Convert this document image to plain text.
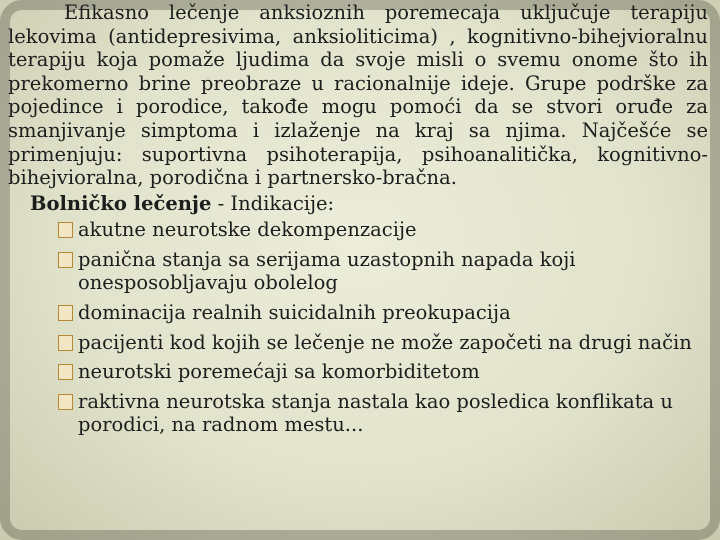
Efikasno lečenje anksioznih poremecaja uključuje terapiju lekovima (antidepresivima, anksioliticima) , kognitivno-bihejvioralnu terapiju koja pomaže ljudima da svoje misli o svemu onome što ih prekomerno brine preobraze u racionalnije ideje. Grupe podrške za pojedince i porodice, takođe mogu pomoći da se stvori oruđe za smanjivanje simptoma i izlaženje na kraj sa njima. Najčešće se primenjuju: suportivna psihoterapija, psihoanalitička, kognitivno-bihejvioralna, porodična i partnersko-bračna.

Bolničko lečenje - Indikacije:
akutne neurotske dekompenzacije
panična stanja sa serijama uzastopnih napada koji onesposobljavaju obolelog
dominacija realnih suicidalnih preokupacija
pacijenti kod kojih se lečenje ne može započeti na drugi način
neurotski poremećaji sa komorbiditetom
raktivna neurotska stanja nastala kao posledica konflikata u porodici, na radnom mestu...
